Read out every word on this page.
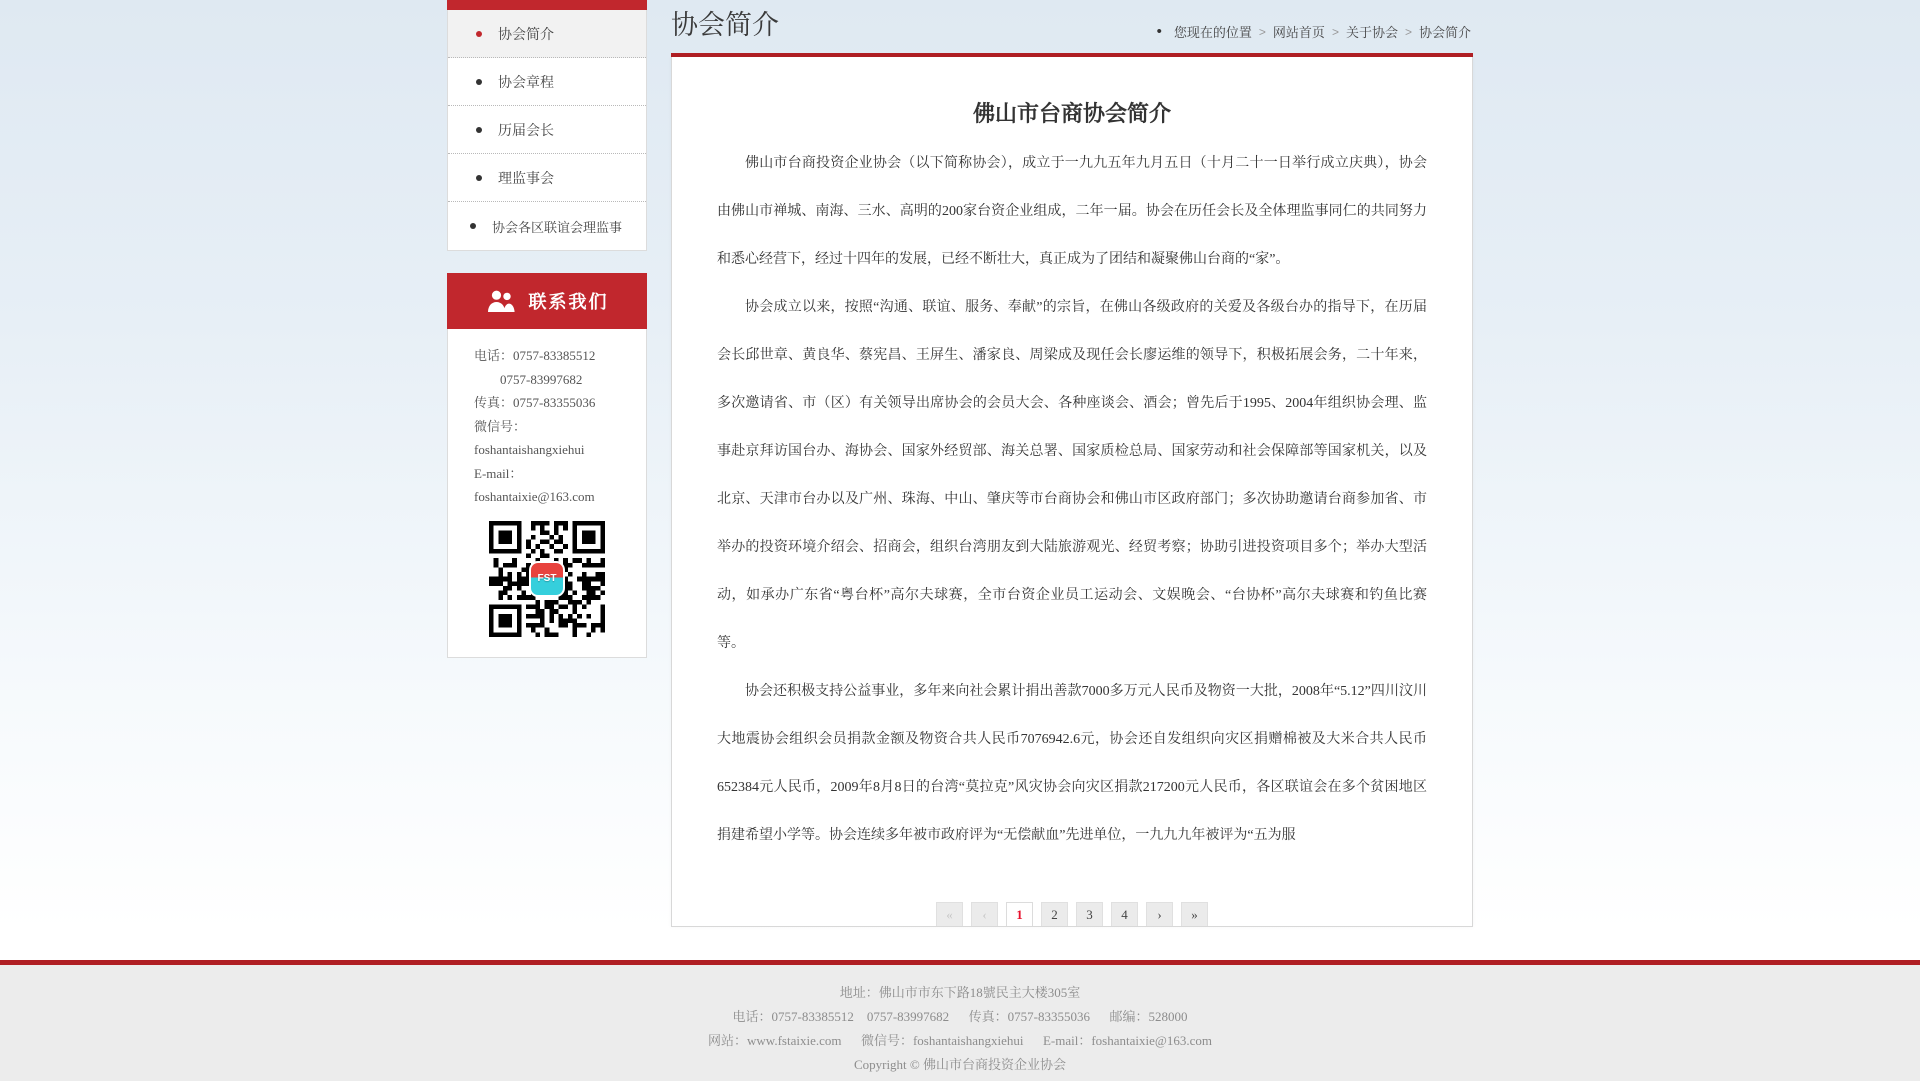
协会简介
协会章程
历届会长
理监事会
协会各区联谊会理监事
联系我们
电话：0757-83385512
0757-83997682
传真：0757-83355036
微信号：
foshantaishangxiehui
E-mail：
foshantaixie@163.com
FST
协会简介	• 您现在的位置 > 网站首页 > 关于协会 > 协会简介
佛山市台商协会简介

佛山市台商投资企业协会（以下简称协会），成立于一九九五年九月五日（十月二十一日举行成立庆典），协会由佛山市禅城、南海、三水、高明的200家台资企业组成，二年一届。协会在历任会长及全体理监事同仁的共同努力和悉心经营下，经过十四年的发展，已经不断壮大，真正成为了团结和凝聚佛山台商的“家”。

协会成立以来，按照“沟通、联谊、服务、奉献”的宗旨，在佛山各级政府的关爱及各级台办的指导下，在历届会长邱世章、黄良华、蔡宪昌、王屏生、潘家良、周梁成及现任会长廖运维的领导下，积极拓展会务，二十年来，多次邀请省、市（区）有关领导出席协会的会员大会、各种座谈会、酒会；曾先后于1995、2004年组织协会理、监事赴京拜访国台办、海协会、国家外经贸部、海关总署、国家质检总局、国家劳动和社会保障部等国家机关，以及北京、天津市台办以及广州、珠海、中山、肇庆等市台商协会和佛山市区政府部门；多次协助邀请台商参加省、市举办的投资环境介绍会、招商会，组织台湾朋友到大陆旅游观光、经贸考察；协助引进投资项目多个；举办大型活动，如承办广东省“粤台杯”高尔夫球赛，全市台资企业员工运动会、文娱晚会、“台协杯”高尔夫球赛和钓鱼比赛等。

协会还积极支持公益事业，多年来向社会累计捐出善款7000多万元人民币及物资一大批，2008年“5.12”四川汶川大地震协会组织会员捐款金额及物资合共人民币7076942.6元，协会还自发组织向灾区捐赠棉被及大米合共人民币652384元人民币，2009年8月8日的台湾“莫拉克”风灾协会向灾区捐款217200元人民币，各区联谊会在多个贫困地区捐建希望小学等。协会连续多年被市政府评为“无偿献血”先进单位，一九九九年被评为“五为服

«	‹	1	2	3	4	›	»
地址：佛山市市东下路18號民主大楼305室
电话：0757-83385512    0757-83997682      传真：0757-83355036      邮编：528000
网站：www.fstaixie.com      微信号：foshantaishangxiehui      E-mail：foshantaixie@163.com
Copyright © 佛山市台商投资企业协会
